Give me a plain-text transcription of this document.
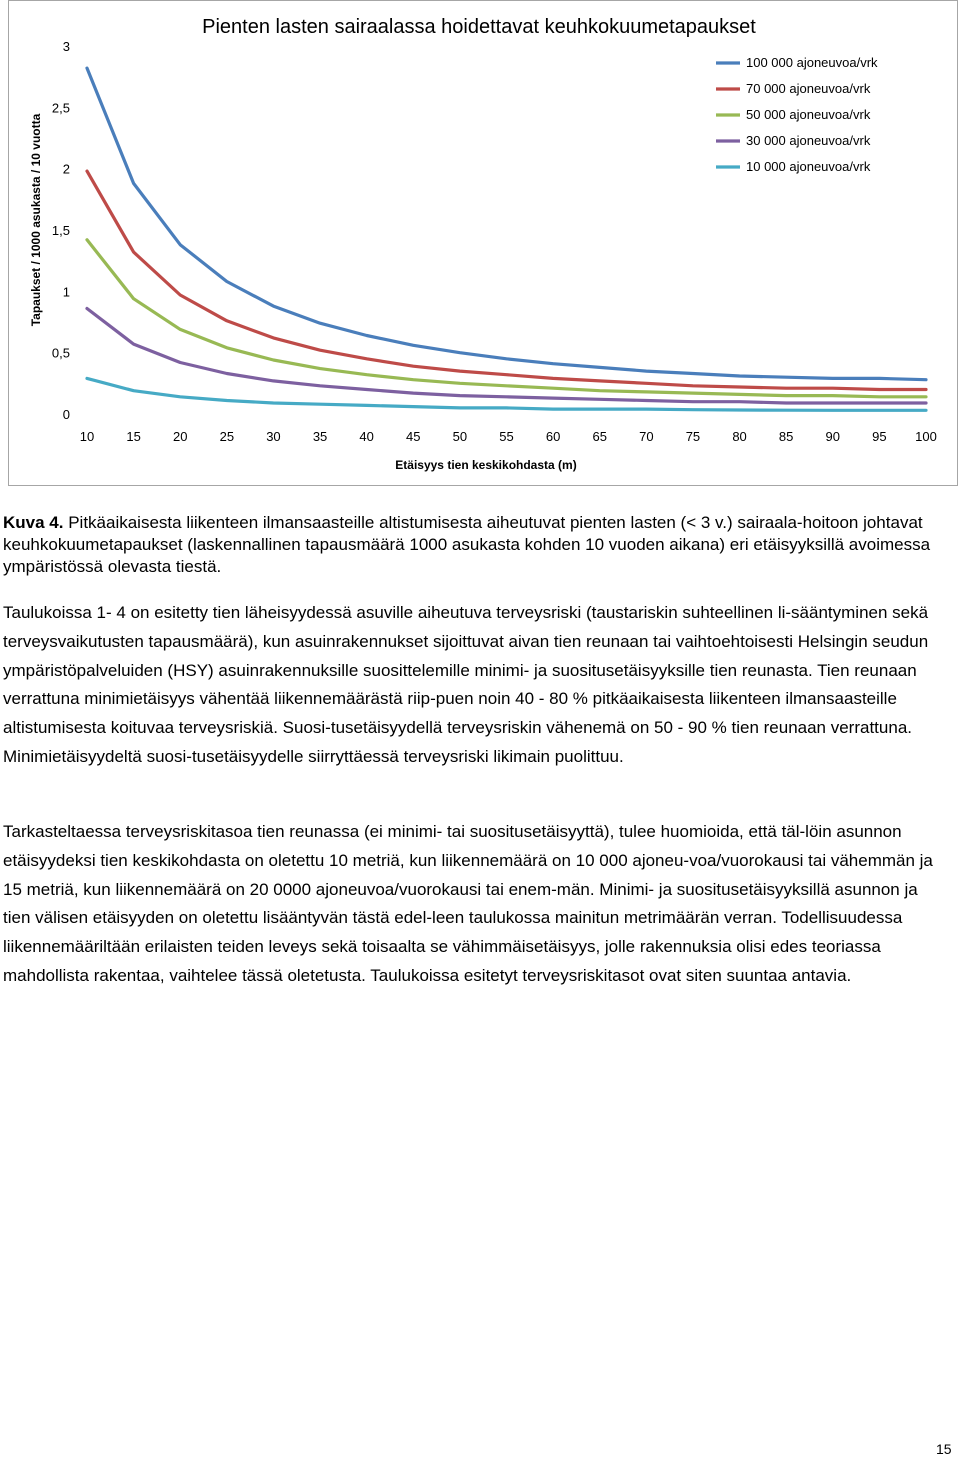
Pienten lasten sairaalassa hoidettavat keuhkokuumetapaukset
Tapaukset / 1000 asukasta / 10 vuotta
Etäisyys tien keskikohdasta (m)
0
0,5
1
1,5
2
2,5
3
10 15 20 25 30 35 40 45 50 55 60 65 70 75 80 85 90 95 100
100 000 ajoneuvoa/vrk
70 000 ajoneuvoa/vrk
50 000 ajoneuvoa/vrk
30 000 ajoneuvoa/vrk
10 000 ajoneuvoa/vrk
Kuva 4. Pitkäaikaisesta liikenteen ilmansaasteille altistumisesta aiheutuvat pienten lasten (< 3 v.) sairaala-hoitoon johtavat keuhkokuumetapaukset (laskennallinen tapausmäärä 1000 asukasta kohden 10 vuoden aikana) eri etäisyyksillä avoimessa ympäristössä olevasta tiestä.
Taulukoissa 1- 4 on esitetty tien läheisyydessä asuville aiheutuva terveysriski (taustariskin suhteellinen li-sääntyminen sekä terveysvaikutusten tapausmäärä), kun asuinrakennukset sijoittuvat aivan tien reunaan tai vaihtoehtoisesti Helsingin seudun ympäristöpalveluiden (HSY) asuinrakennuksille suosittelemille minimi- ja suositusetäisyyksille tien reunasta. Tien reunaan verrattuna minimietäisyys vähentää liikennemäärästä riip-puen noin 40 - 80 % pitkäaikaisesta liikenteen ilmansaasteille altistumisesta koituvaa terveysriskiä. Suosi-tusetäisyydellä terveysriskin vähenemä on 50 - 90 % tien reunaan verrattuna. Minimietäisyydeltä suosi-tusetäisyydelle siirryttäessä terveysriski likimain puolittuu.
Tarkasteltaessa terveysriskitasoa tien reunassa (ei minimi- tai suositusetäisyyttä), tulee huomioida, että täl-löin asunnon etäisyydeksi tien keskikohdasta on oletettu 10 metriä, kun liikennemäärä on 10 000 ajoneu-voa/vuorokausi tai vähemmän ja 15 metriä, kun liikennemäärä on 20 0000 ajoneuvoa/vuorokausi tai enem-män. Minimi- ja suositusetäisyyksillä asunnon ja tien välisen etäisyyden on oletettu lisääntyvän tästä edel-leen taulukossa mainitun metrimäärän verran. Todellisuudessa liikennemääriltään erilaisten teiden leveys sekä toisaalta se vähimmäisetäisyys, jolle rakennuksia olisi edes teoriassa mahdollista rakentaa, vaihtelee tässä oletetusta. Taulukoissa esitetyt terveysriskitasot ovat siten suuntaa antavia.
15
